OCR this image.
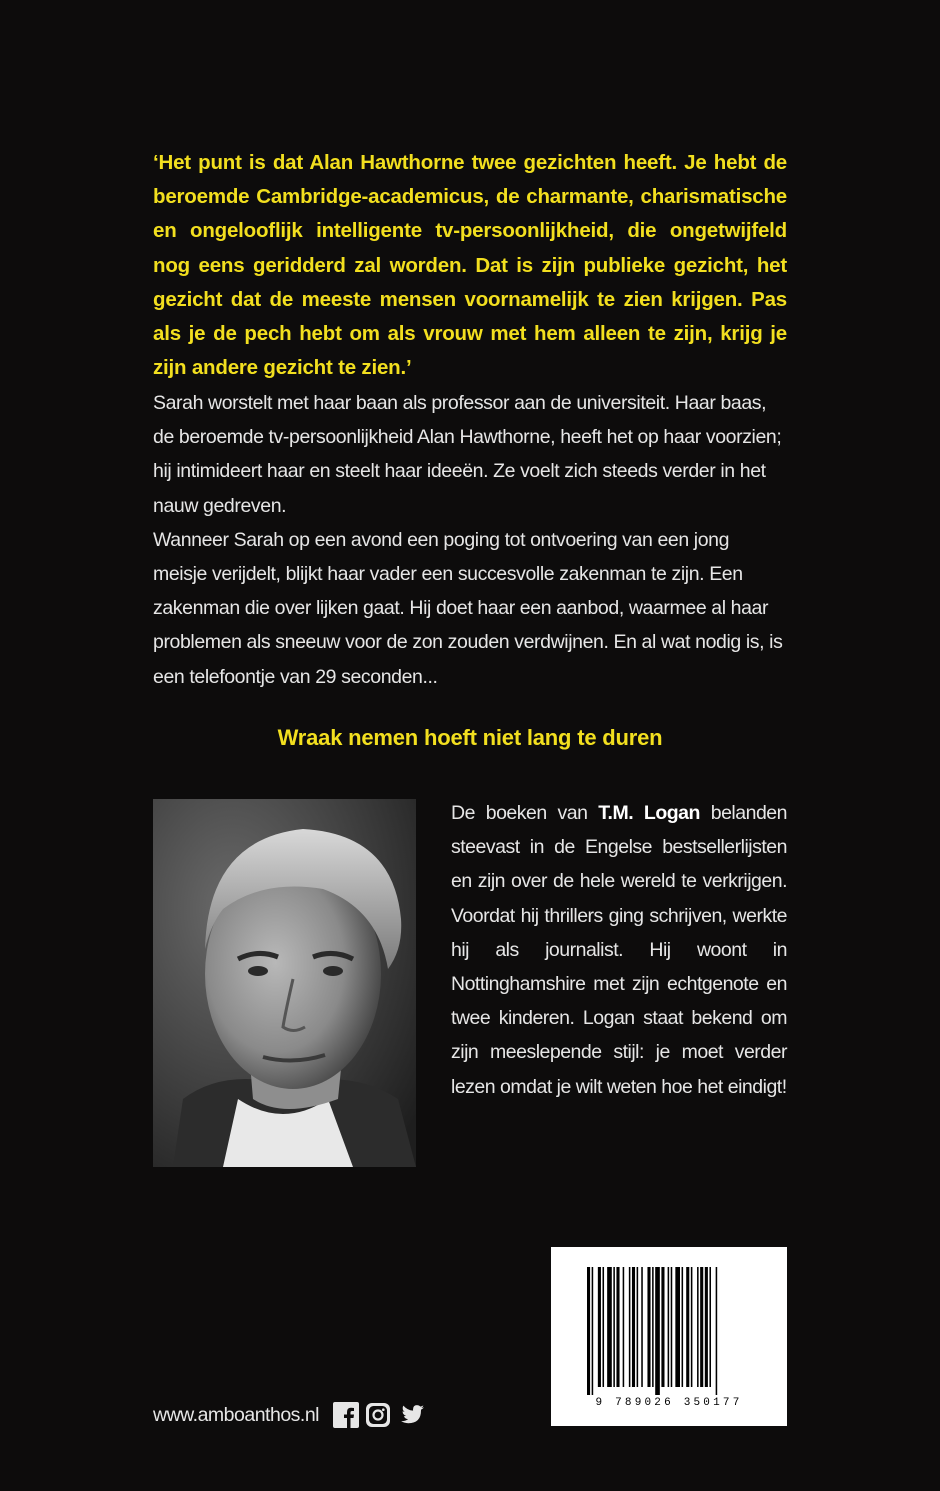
‘Het punt is dat Alan Hawthorne twee gezichten heeft. Je hebt de beroemde Cambridge-academicus, de charmante, charismatische en ongelooflijk intelligente tv-persoonlijkheid, die ongetwijfeld nog eens geridderd zal worden. Dat is zijn publieke gezicht, het gezicht dat de meeste mensen voornamelijk te zien krijgen. Pas als je de pech hebt om als vrouw met hem alleen te zijn, krijg je zijn andere gezicht te zien.’

Sarah worstelt met haar baan als professor aan de universiteit. Haar baas, de beroemde tv-persoonlijkheid Alan Hawthorne, heeft het op haar voorzien; hij intimideert haar en steelt haar ideeën. Ze voelt zich steeds verder in het nauw gedreven.

Wanneer Sarah op een avond een poging tot ontvoering van een jong meisje verijdelt, blijkt haar vader een succesvolle zakenman te zijn. Een zakenman die over lijken gaat. Hij doet haar een aanbod, waarmee al haar problemen als sneeuw voor de zon zouden verdwijnen. En al wat nodig is, is een telefoontje van 29 seconden...

Wraak nemen hoeft niet lang te duren

De boeken van T.M. Logan belanden steevast in de Engelse bestsellerlijsten en zijn over de hele wereld te verkrijgen. Voordat hij thrillers ging schrijven, werkte hij als journalist. Hij woont in Nottinghamshire met zijn echtgenote en twee kinderen. Logan staat bekend om zijn meeslepende stijl: je moet verder lezen omdat je wilt weten hoe het eindigt!

9 789026 350177
www.amboanthos.nl
